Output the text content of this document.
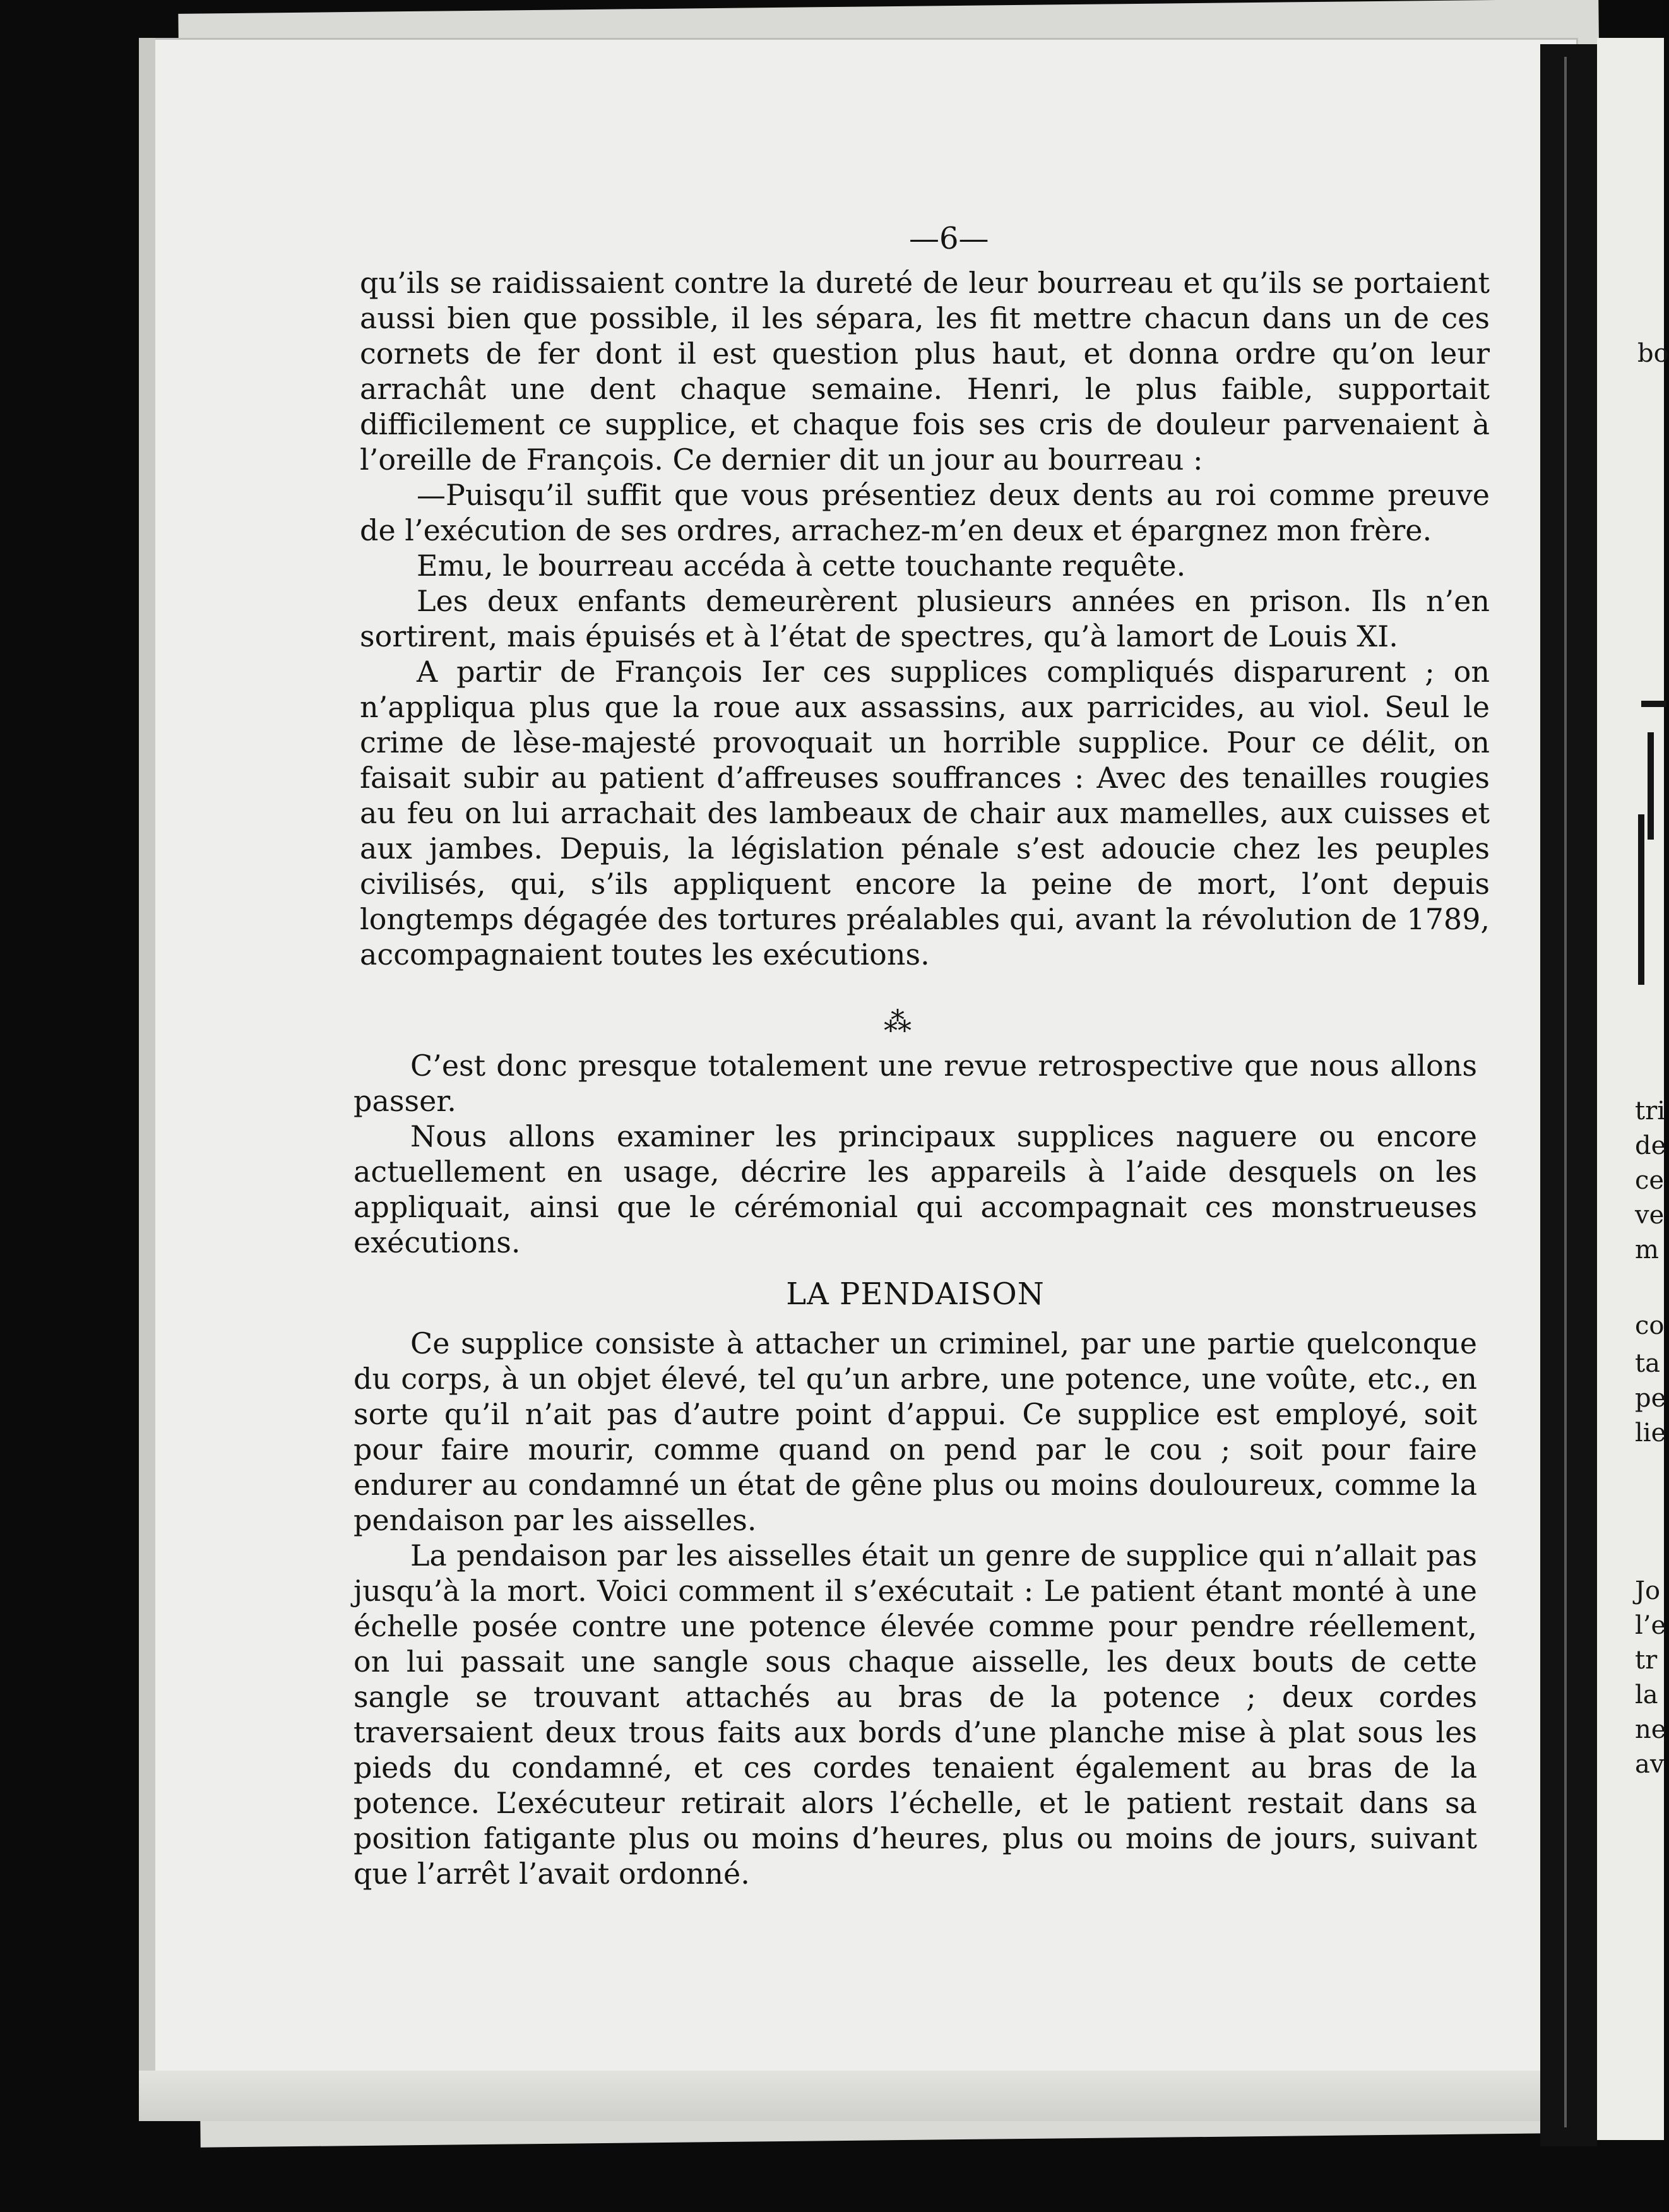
—6—

qu’ils se raidissaient contre la dureté de leur bourreau et qu’ils se portaient aussi bien que possible, il les sépara, les fit mettre chacun dans un de ces cornets de fer dont il est question plus haut, et donna ordre qu’on leur arrachât une dent chaque semaine. Henri, le plus faible, supportait difficilement ce supplice, et chaque fois ses cris de douleur parvenaient à l’oreille de François. Ce dernier dit un jour au bourreau :

—Puisqu’il suffit que vous présentiez deux dents au roi comme preuve de l’exécution de ses ordres, arrachez-m’en deux et épargnez mon frère.

Emu, le bourreau accéda à cette touchante requête.

Les deux enfants demeurèrent plusieurs années en prison. Ils n’en sortirent, mais épuisés et à l’état de spectres, qu’à lamort de Louis XI.

A partir de François Ier ces supplices compliqués disparurent ; on n’appliqua plus que la roue aux assassins, aux parricides, au viol. Seul le crime de lèse-majesté provoquait un horrible supplice. Pour ce délit, on faisait subir au patient d’affreuses souffrances : Avec des tenailles rougies au feu on lui arrachait des lambeaux de chair aux mamelles, aux cuisses et aux jambes. Depuis, la législation pénale s’est adoucie chez les peuples civilisés, qui, s’ils appliquent encore la peine de mort, l’ont depuis longtemps dégagée des tortures préalables qui, avant la révolution de 1789, accompagnaient toutes les exécutions.

⁂

C’est donc presque totalement une revue retrospective que nous allons passer.

Nous allons examiner les principaux supplices naguere ou encore actuellement en usage, décrire les appareils à l’aide desquels on les appliquait, ainsi que le cérémonial qui accompagnait ces monstrueuses exécutions.

LA PENDAISON

Ce supplice consiste à attacher un criminel, par une partie quelconque du corps, à un objet élevé, tel qu’un arbre, une potence, une voûte, etc., en sorte qu’il n’ait pas d’autre point d’appui. Ce supplice est employé, soit pour faire mourir, comme quand on pend par le cou ; soit pour faire endurer au condamné un état de gêne plus ou moins douloureux, comme la pendaison par les aisselles.

La pendaison par les aisselles était un genre de supplice qui n’allait pas jusqu’à la mort. Voici comment il s’exécutait : Le patient étant monté à une échelle posée contre une potence élevée comme pour pendre réellement, on lui passait une sangle sous chaque aisselle, les deux bouts de cette sangle se trouvant attachés au bras de la potence ; deux cordes traversaient deux trous faits aux bords d’une planche mise à plat sous les pieds du condamné, et ces cordes tenaient également au bras de la potence. L’exécuteur retirait alors l’échelle, et le patient restait dans sa position fatigante plus ou moins d’heures, plus ou moins de jours, suivant que l’arrêt l’avait ordonné.

bo
tri
de
ce
ve
m
co
ta
pe
lie
Jo
l’e
tr
la
ne
av
